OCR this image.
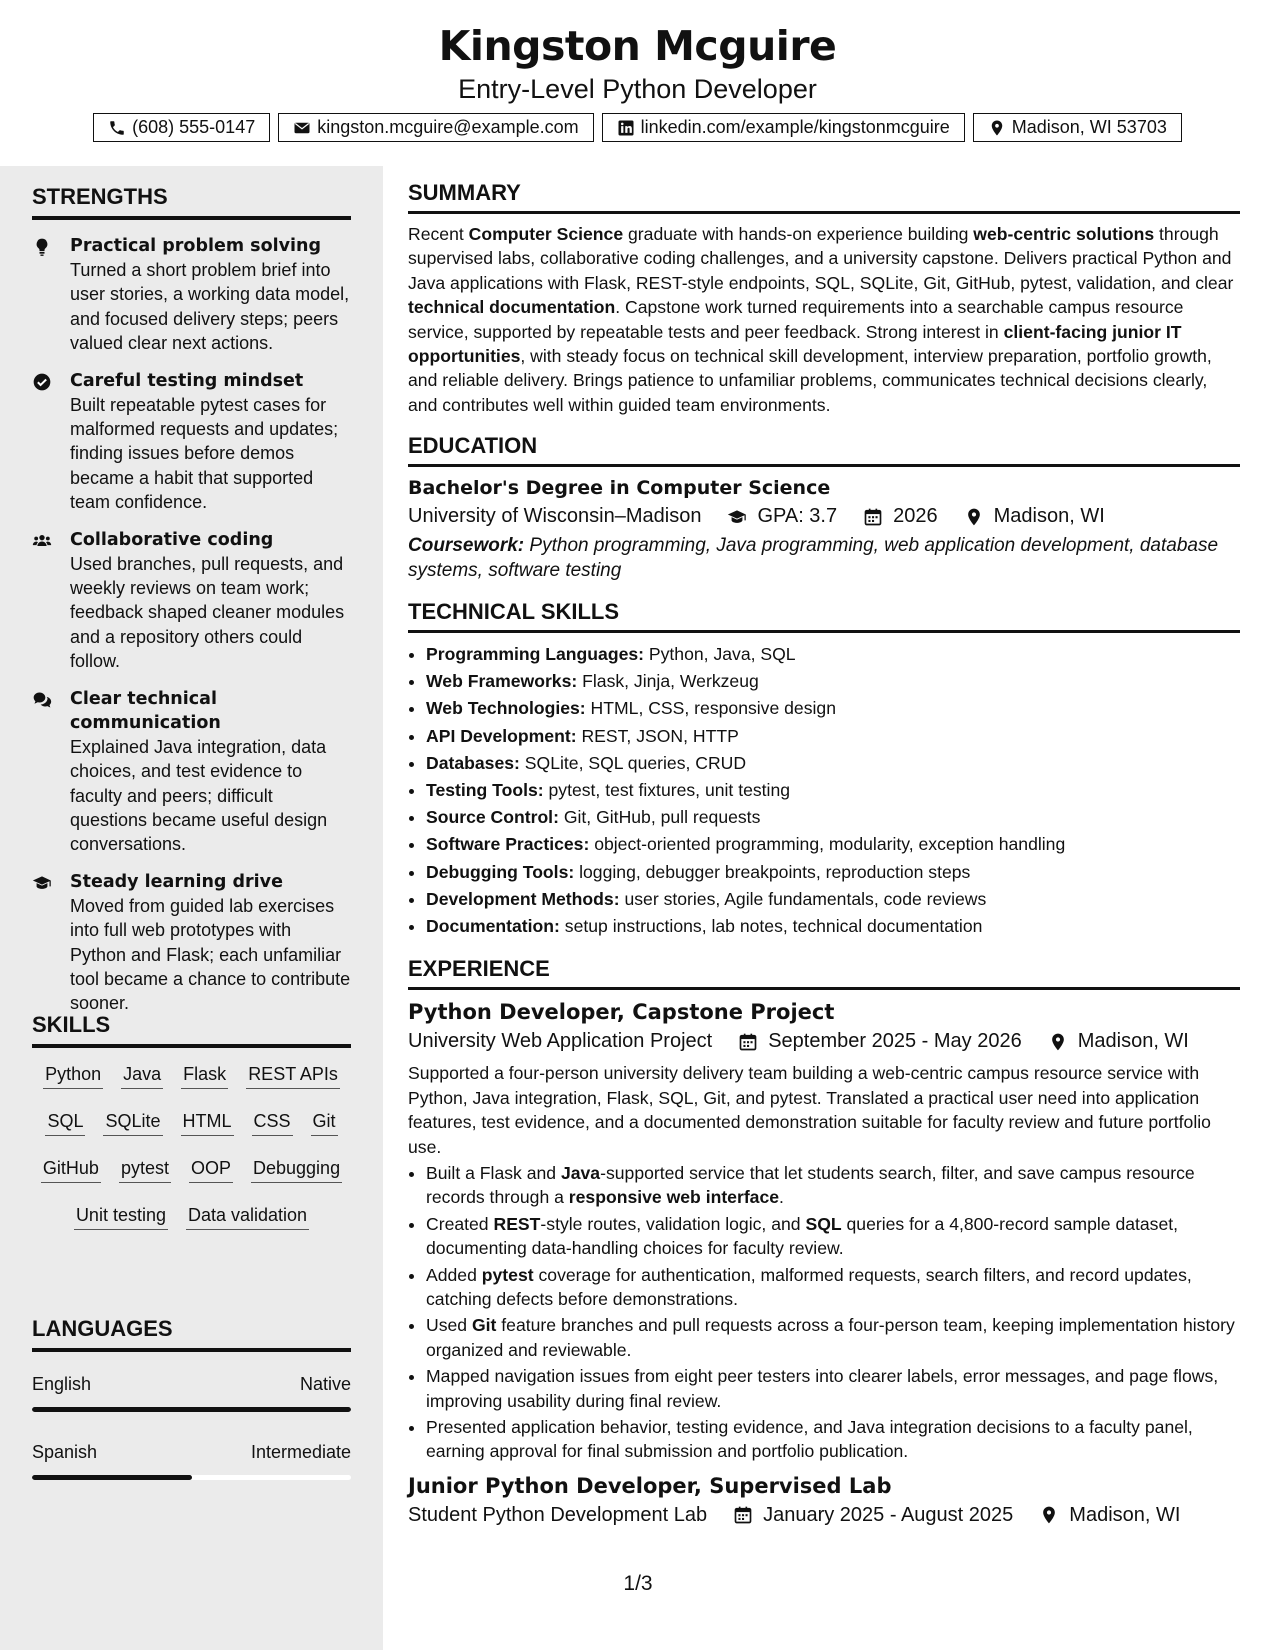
Kingston Mcguire
Entry-Level Python Developer
(608) 555-0147	kingston.mcguire@example.com	linkedin.com/example/kingstonmcguire	Madison, WI 53703
STRENGTHS
Practical problem solving
Turned a short problem brief into user stories, a working data model, and focused delivery steps; peers valued clear next actions.
Careful testing mindset
Built repeatable pytest cases for malformed requests and updates; finding issues before demos became a habit that supported team confidence.
Collaborative coding
Used branches, pull requests, and weekly reviews on team work; feedback shaped cleaner modules and a repository others could follow.
Clear technical communication
Explained Java integration, data choices, and test evidence to faculty and peers; difficult questions became useful design conversations.
Steady learning drive
Moved from guided lab exercises into full web prototypes with Python and Flask; each unfamiliar tool became a chance to contribute sooner.
SKILLS
Python Java Flask REST APIs
SQL SQLite HTML CSS Git
GitHub pytest OOP Debugging
Unit testing Data validation
LANGUAGES
English	Native
Spanish	Intermediate
SUMMARY
Recent Computer Science graduate with hands-on experience building web-centric solutions through supervised labs, collaborative coding challenges, and a university capstone. Delivers practical Python and Java applications with Flask, REST-style endpoints, SQL, SQLite, Git, GitHub, pytest, validation, and clear technical documentation. Capstone work turned requirements into a searchable campus resource service, supported by repeatable tests and peer feedback. Strong interest in client-facing junior IT opportunities, with steady focus on technical skill development, interview preparation, portfolio growth, and reliable delivery. Brings patience to unfamiliar problems, communicates technical decisions clearly, and contributes well within guided team environments.
EDUCATION
Bachelor's Degree in Computer Science
University of Wisconsin–Madison	GPA: 3.7	2026	Madison, WI
Coursework: Python programming, Java programming, web application development, database systems, software testing
TECHNICAL SKILLS
• Programming Languages: Python, Java, SQL
• Web Frameworks: Flask, Jinja, Werkzeug
• Web Technologies: HTML, CSS, responsive design
• API Development: REST, JSON, HTTP
• Databases: SQLite, SQL queries, CRUD
• Testing Tools: pytest, test fixtures, unit testing
• Source Control: Git, GitHub, pull requests
• Software Practices: object-oriented programming, modularity, exception handling
• Debugging Tools: logging, debugger breakpoints, reproduction steps
• Development Methods: user stories, Agile fundamentals, code reviews
• Documentation: setup instructions, lab notes, technical documentation
EXPERIENCE
Python Developer, Capstone Project
University Web Application Project	September 2025 - May 2026	Madison, WI
Supported a four-person university delivery team building a web-centric campus resource service with Python, Java integration, Flask, SQL, Git, and pytest. Translated a practical user need into application features, test evidence, and a documented demonstration suitable for faculty review and future portfolio use.
• Built a Flask and Java-supported service that let students search, filter, and save campus resource records through a responsive web interface.
• Created REST-style routes, validation logic, and SQL queries for a 4,800-record sample dataset, documenting data-handling choices for faculty review.
• Added pytest coverage for authentication, malformed requests, search filters, and record updates, catching defects before demonstrations.
• Used Git feature branches and pull requests across a four-person team, keeping implementation history organized and reviewable.
• Mapped navigation issues from eight peer testers into clearer labels, error messages, and page flows, improving usability during final review.
• Presented application behavior, testing evidence, and Java integration decisions to a faculty panel, earning approval for final submission and portfolio publication.
Junior Python Developer, Supervised Lab
Student Python Development Lab	January 2025 - August 2025	Madison, WI
1/3
